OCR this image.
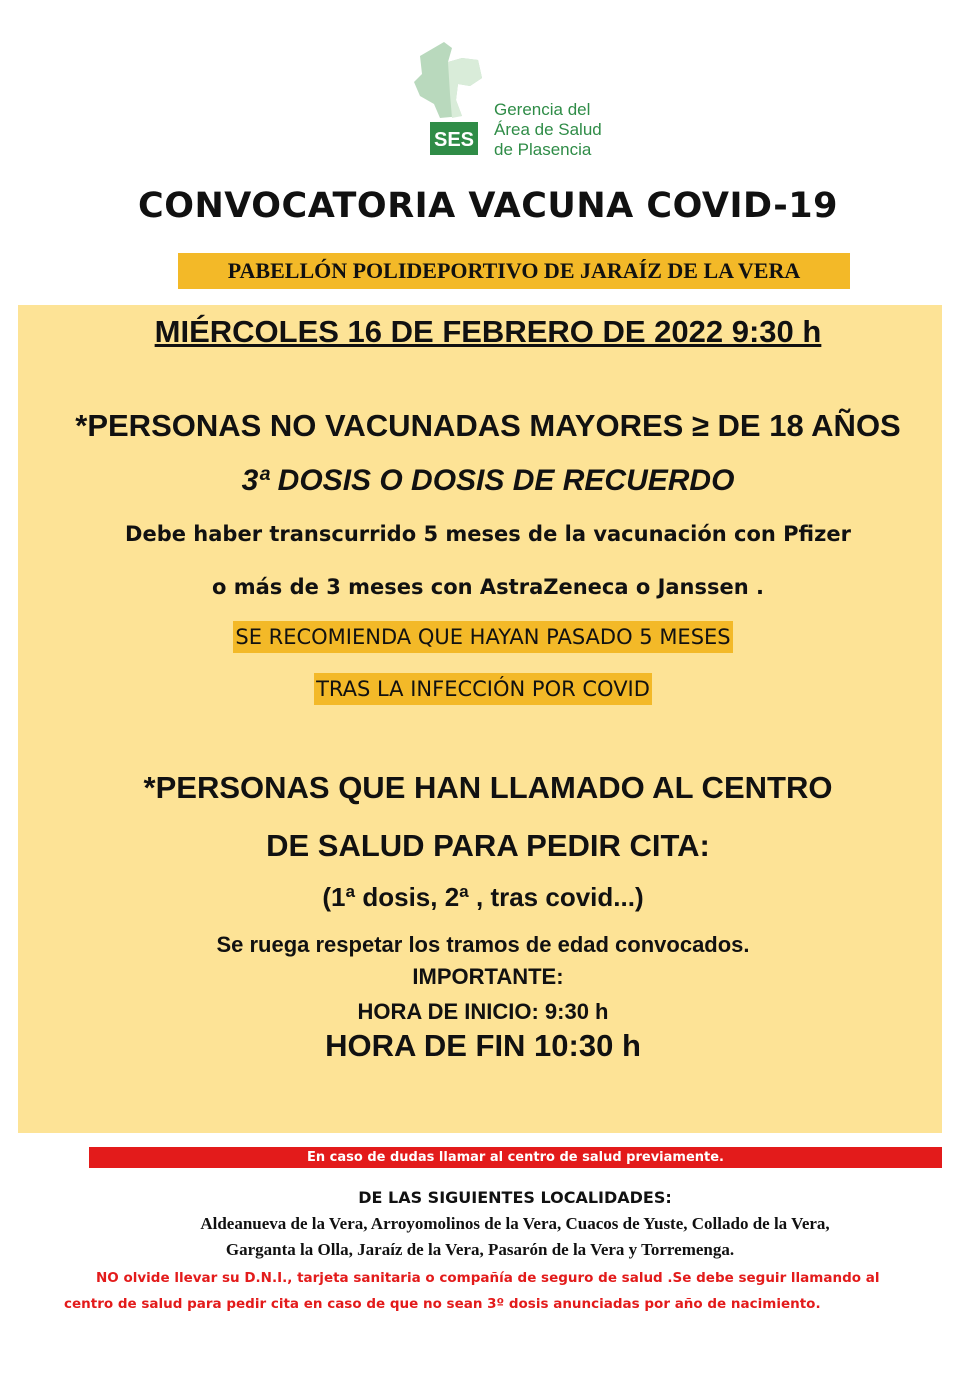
SES
Gerencia del
Área de Salud
de Plasencia
CONVOCATORIA VACUNA COVID-19
PABELLÓN POLIDEPORTIVO DE JARAÍZ DE LA VERA
MIÉRCOLES 16 DE FEBRERO DE 2022 9:30 h
*PERSONAS NO VACUNADAS MAYORES ≥ DE 18 AÑOS
3ª DOSIS O DOSIS DE RECUERDO
Debe haber transcurrido 5 meses de la vacunación con Pfizer
o más de 3 meses con AstraZeneca o Janssen .
SE RECOMIENDA QUE HAYAN PASADO 5 MESES
TRAS LA INFECCIÓN POR COVID
*PERSONAS QUE HAN LLAMADO AL CENTRO
DE SALUD PARA PEDIR CITA:
(1ª dosis, 2ª , tras covid...)
Se ruega respetar los tramos de edad convocados.
IMPORTANTE:
HORA DE INICIO: 9:30 h
HORA DE FIN 10:30 h
En caso de dudas llamar al centro de salud previamente.
DE LAS SIGUIENTES LOCALIDADES:
Aldeanueva de la Vera, Arroyomolinos de la Vera, Cuacos de Yuste, Collado de la Vera,
Garganta la Olla, Jaraíz de la Vera, Pasarón de la Vera y Torremenga.
NO olvide llevar su D.N.I., tarjeta sanitaria o compañía de seguro de salud .Se debe seguir llamando al
centro de salud para pedir cita en caso de que no sean 3º dosis anunciadas por año de nacimiento.
